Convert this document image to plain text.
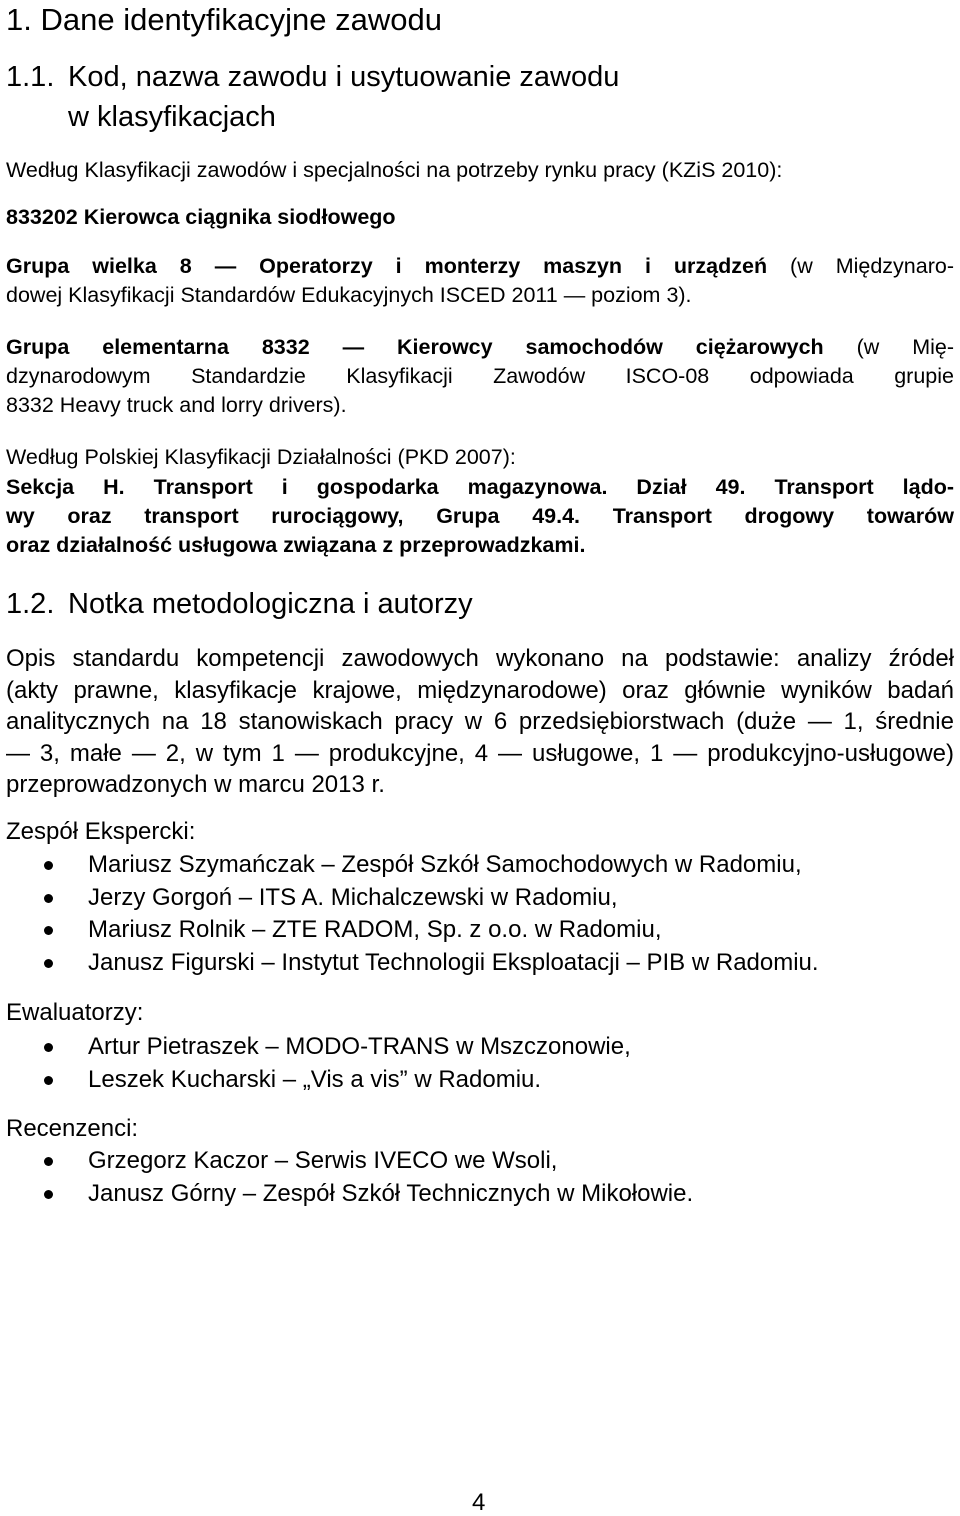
1. Dane identyfikacyjne zawodu
1.1. Kod, nazwa zawodu i usytuowanie zawodu
w klasyfikacjach
Według Klasyfikacji zawodów i specjalności na potrzeby rynku pracy (KZiS 2010):
833202 Kierowca ciągnika siodłowego
Grupa wielka 8 — Operatorzy i monterzy maszyn i urządzeń (w Międzynaro-
dowej Klasyfikacji Standardów Edukacyjnych ISCED 2011 — poziom 3).
Grupa elementarna 8332 — Kierowcy samochodów ciężarowych (w Mię-
dzynarodowym Standardzie Klasyfikacji Zawodów ISCO-08 odpowiada grupie
8332 Heavy truck and lorry drivers).
Według Polskiej Klasyfikacji Działalności (PKD 2007):
Sekcja H. Transport i gospodarka magazynowa. Dział 49. Transport lądo-
wy oraz transport rurociągowy, Grupa 49.4. Transport drogowy towarów
oraz działalność usługowa związana z przeprowadzkami.
1.2. Notka metodologiczna i autorzy
Opis standardu kompetencji zawodowych wykonano na podstawie: analizy źródeł
(akty prawne, klasyfikacje krajowe, międzynarodowe) oraz głównie wyników badań
analitycznych na 18 stanowiskach pracy w 6 przedsiębiorstwach (duże — 1, średnie
— 3, małe — 2, w tym 1 — produkcyjne, 4 — usługowe, 1 — produkcyjno-usługowe)
przeprowadzonych w marcu 2013 r.
Zespół Ekspercki:
Mariusz Szymańczak – Zespół Szkół Samochodowych w Radomiu,
Jerzy Gorgoń – ITS A. Michalczewski w Radomiu,
Mariusz Rolnik – ZTE RADOM, Sp. z o.o. w Radomiu,
Janusz Figurski – Instytut Technologii Eksploatacji – PIB w Radomiu.
Ewaluatorzy:
Artur Pietraszek – MODO-TRANS w Mszczonowie,
Leszek Kucharski – „Vis a vis” w Radomiu.
Recenzenci:
Grzegorz Kaczor – Serwis IVECO we Wsoli,
Janusz Górny – Zespół Szkół Technicznych w Mikołowie.
4
